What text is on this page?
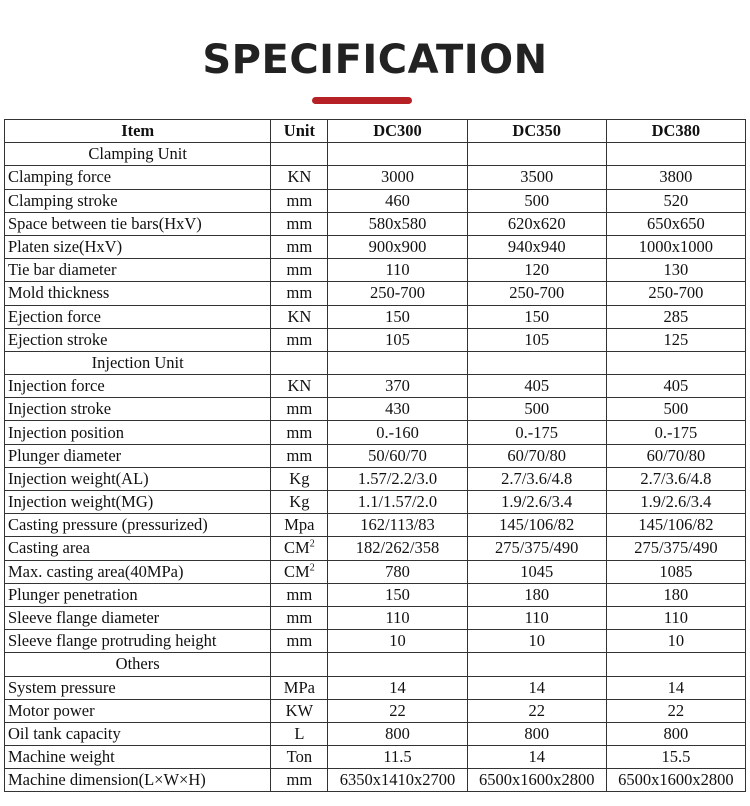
SPECIFICATION
Item	Unit	DC300	DC350	DC380
Clamping Unit				
Clamping force	KN	3000	3500	3800
Clamping stroke	mm	460	500	520
Space between tie bars(HxV)	mm	580x580	620x620	650x650
Platen size(HxV)	mm	900x900	940x940	1000x1000
Tie bar diameter	mm	110	120	130
Mold thickness	mm	250-700	250-700	250-700
Ejection force	KN	150	150	285
Ejection stroke	mm	105	105	125
Injection Unit				
Injection force	KN	370	405	405
Injection stroke	mm	430	500	500
Injection position	mm	0.-160	0.-175	0.-175
Plunger diameter	mm	50/60/70	60/70/80	60/70/80
Injection weight(AL)	Kg	1.57/2.2/3.0	2.7/3.6/4.8	2.7/3.6/4.8
Injection weight(MG)	Kg	1.1/1.57/2.0	1.9/2.6/3.4	1.9/2.6/3.4
Casting pressure (pressurized)	Mpa	162/113/83	145/106/82	145/106/82
Casting area	$CM^2$	182/262/358	275/375/490	275/375/490
Max. casting area(40MPa)	$CM^2$	780	1045	1085
Plunger penetration	mm	150	180	180
Sleeve flange diameter	mm	110	110	110
Sleeve flange protruding height	mm	10	10	10
Others				
System pressure	MPa	14	14	14
Motor power	KW	22	22	22
Oil tank capacity	L	800	800	800
Machine weight	Ton	11.5	14	15.5
Machine dimension(L×W×H)	mm	6350x1410x2700	6500x1600x2800	6500x1600x2800
